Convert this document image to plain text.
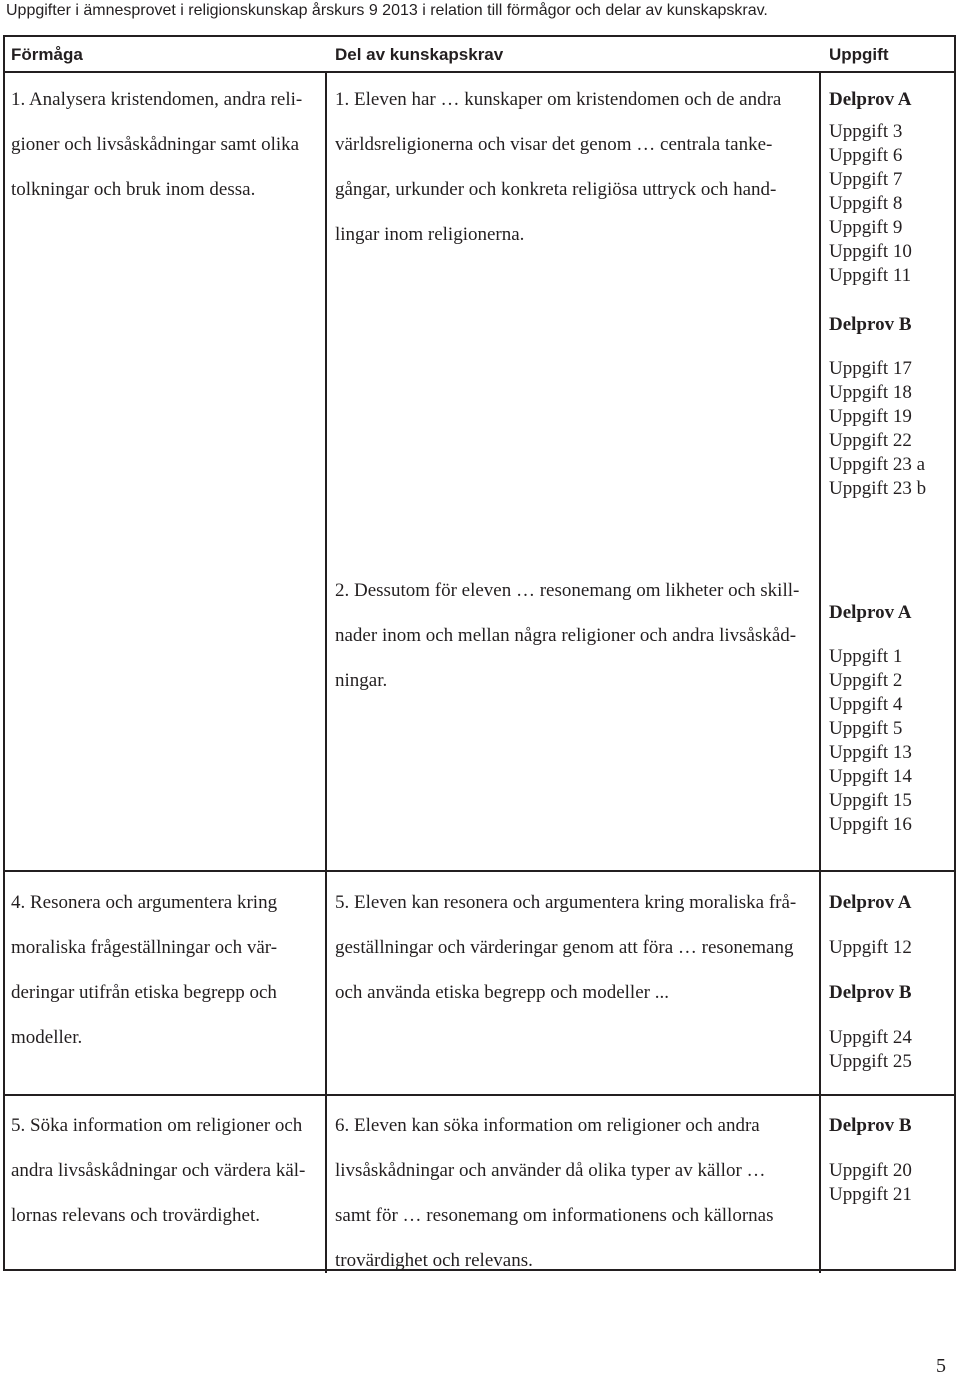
Uppgifter i ämnesprovet i religionskunskap årskurs 9 2013 i relation till förmågor och delar av kunskapskrav.
Förmåga	Del av kunskapskrav	Uppgift
1. Analysera kristendomen, andra reli-
gioner och livsåskådningar samt olika
tolkningar och bruk inom dessa.
1. Eleven har … kunskaper om kristendomen och de andra
världsreligionerna och visar det genom … centrala tanke-
gångar, urkunder och konkreta religiösa uttryck och hand-
lingar inom religionerna.
2. Dessutom för eleven … resonemang om likheter och skill-
nader inom och mellan några religioner och andra livsåskåd-
ningar.
Delprov A
Uppgift 3
Uppgift 6
Uppgift 7
Uppgift 8
Uppgift 9
Uppgift 10
Uppgift 11
Delprov B
Uppgift 17
Uppgift 18
Uppgift 19
Uppgift 22
Uppgift 23 a
Uppgift 23 b
Delprov A
Uppgift 1
Uppgift 2
Uppgift 4
Uppgift 5
Uppgift 13
Uppgift 14
Uppgift 15
Uppgift 16
4. Resonera och argumentera kring
moraliska frågeställningar och vär-
deringar utifrån etiska begrepp och
modeller.
5. Eleven kan resonera och argumentera kring moraliska frå-
geställningar och värderingar genom att föra … resonemang
och använda etiska begrepp och modeller ...
Delprov A
Uppgift 12
Delprov B
Uppgift 24
Uppgift 25
5. Söka information om religioner och
andra livsåskådningar och värdera käl-
lornas relevans och trovärdighet.
6. Eleven kan söka information om religioner och andra
livsåskådningar och använder då olika typer av källor …
samt för … resonemang om informationens och källornas
trovärdighet och relevans.
Delprov B
Uppgift 20
Uppgift 21
5
